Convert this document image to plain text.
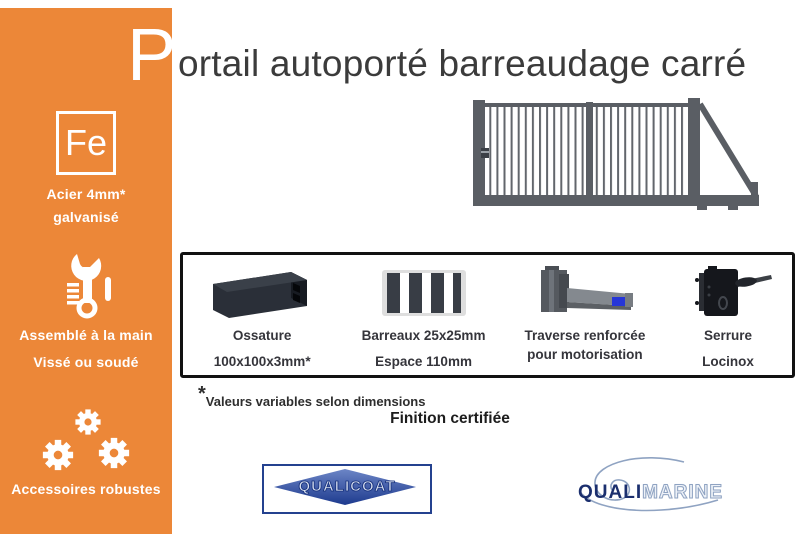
Fe
Acier 4mm*
galvanisé
Assemblé à la main
Vissé ou soudé
Accessoires robustes
P ortail autoporté barreaudage carré
Ossature
100x100x3mm*
Barreaux 25x25mm
Espace 110mm
Traverse renforcée
pour motorisation
Serrure
Locinox
*Valeurs variables selon dimensions
Finition certifiée
QUALICOAT	QUALIMARINE
